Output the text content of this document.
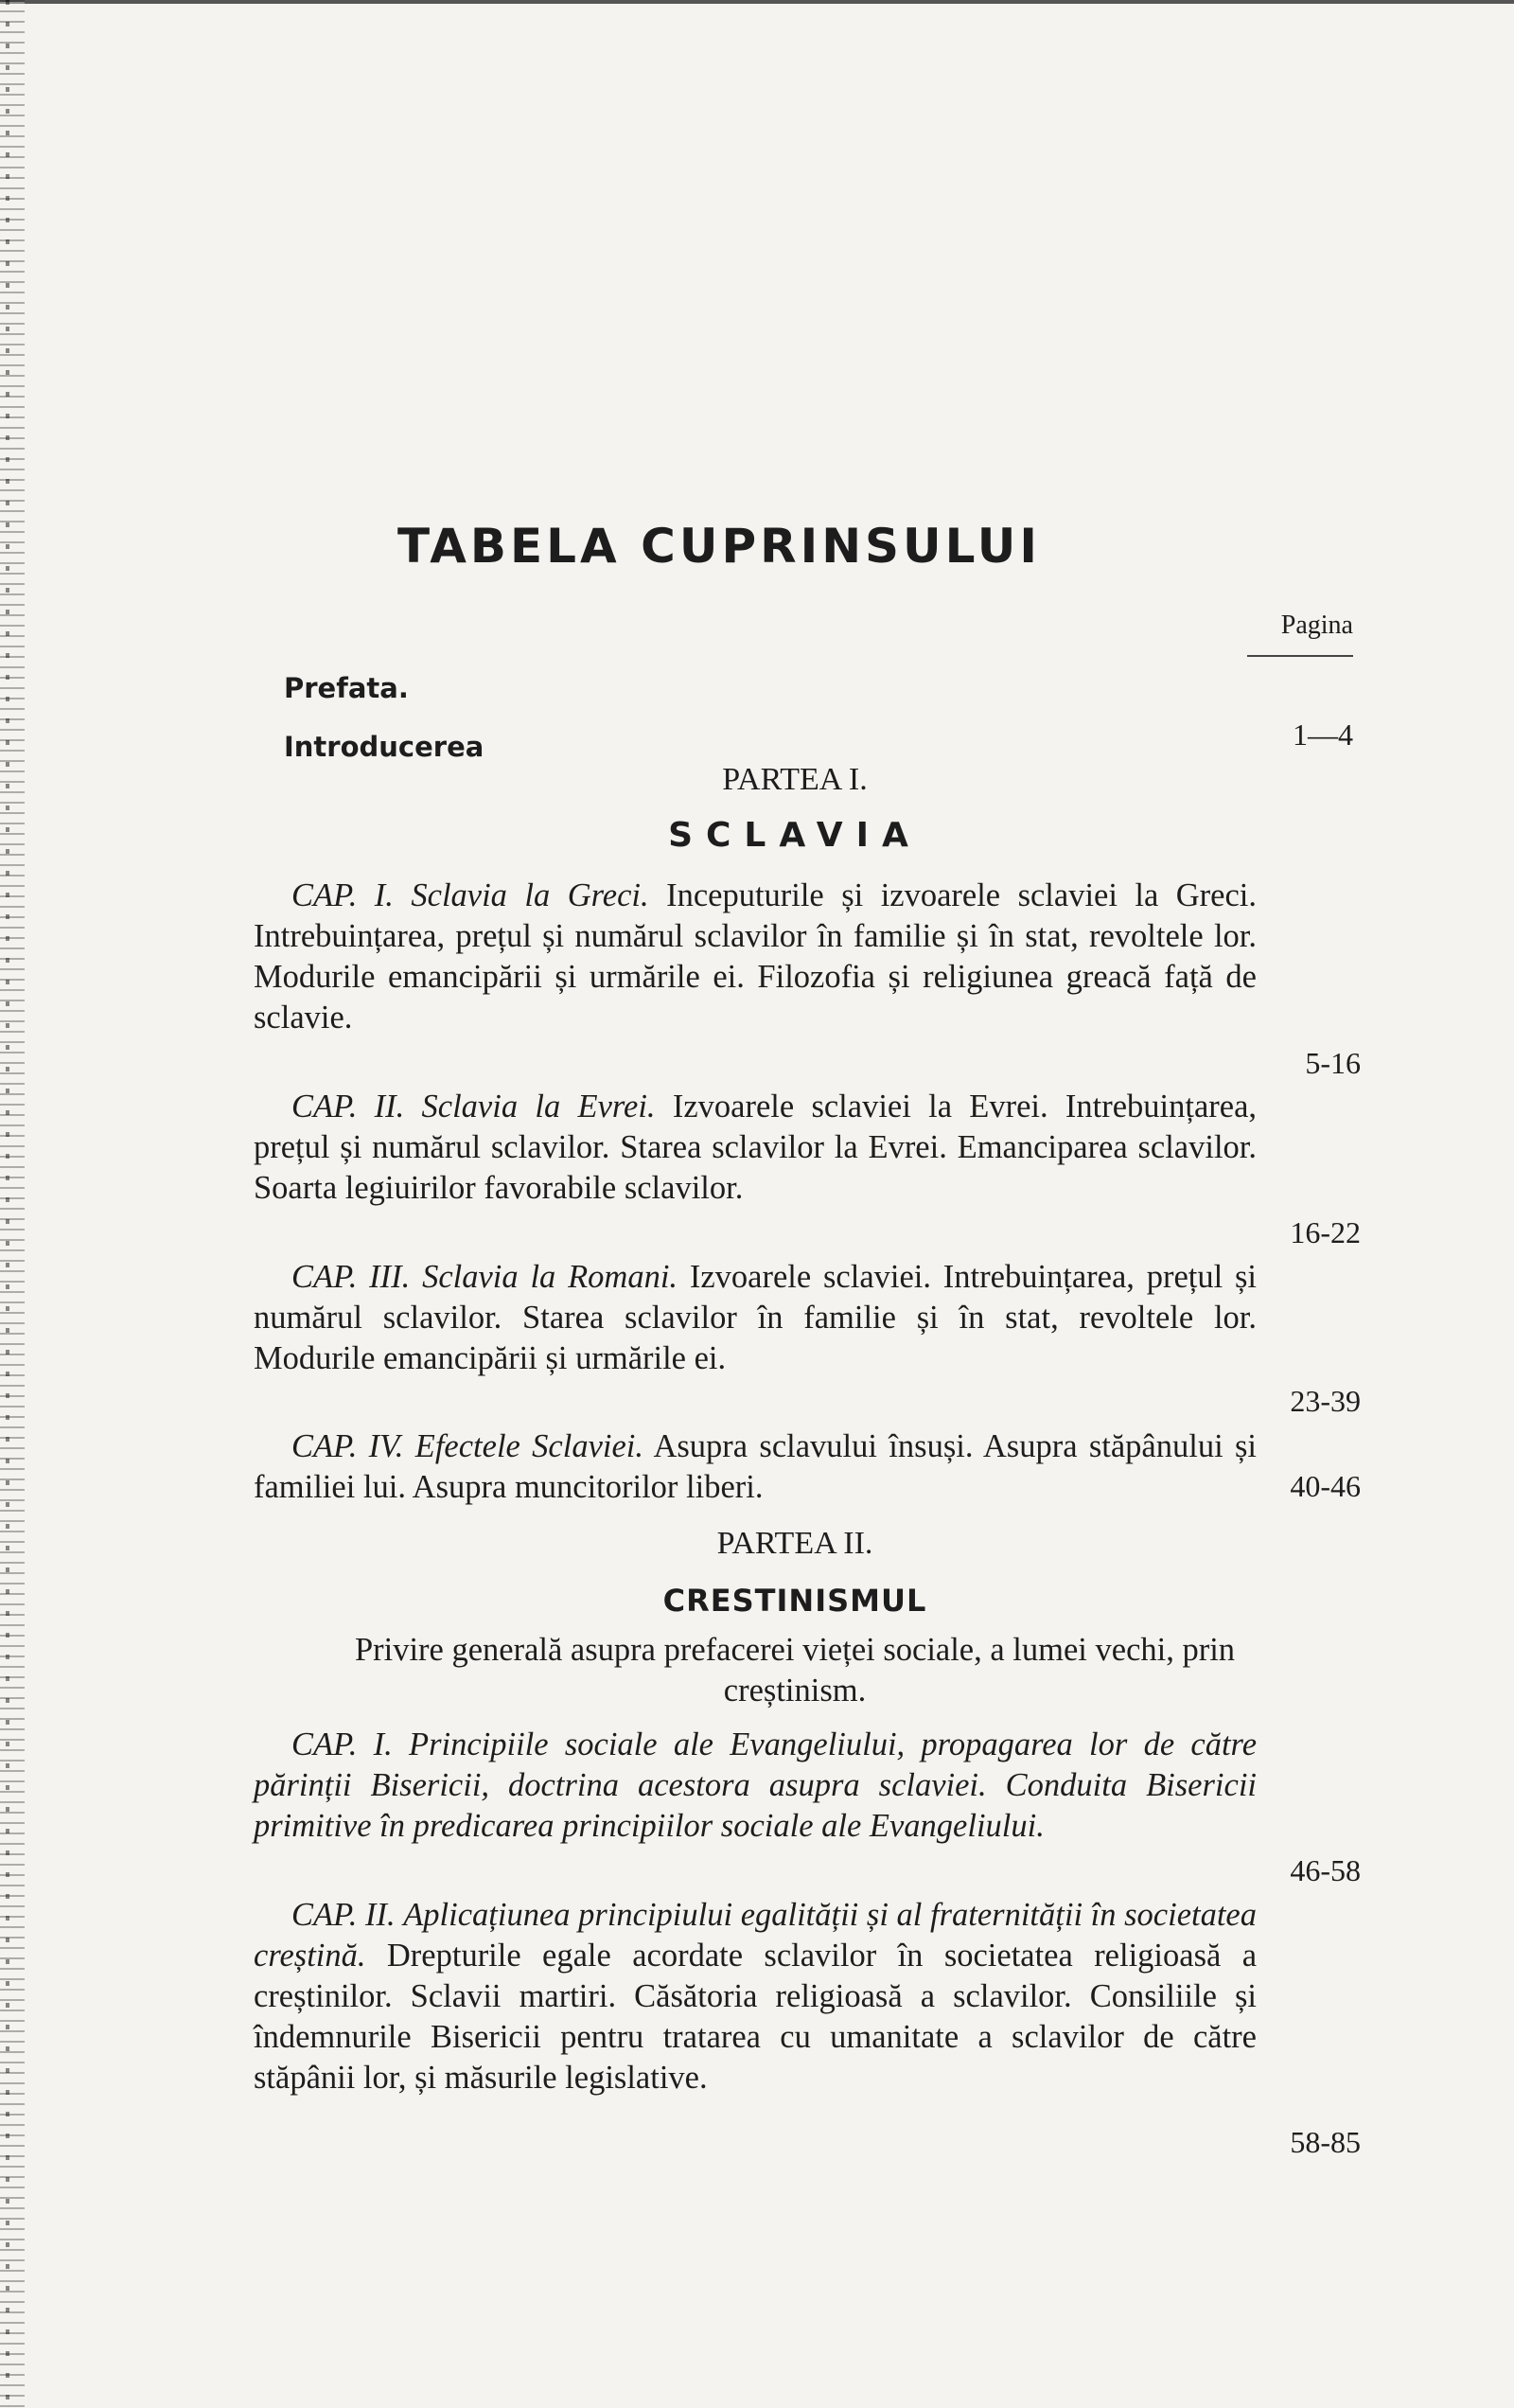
TABELA CUPRINSULUI
Pagina
Prefata.
Introducerea	1—4
PARTEA I.
SCLAVIA

CAP. I. Sclavia la Greci. Inceputurile și izvoarele sclaviei la Greci. Intrebuințarea, prețul și numărul sclavilor în familie și în stat, revoltele lor. Modurile emancipării și urmările ei. Filozofia și religiunea greacă față de sclavie.

5-16

CAP. II. Sclavia la Evrei. Izvoarele sclaviei la Evrei. Intrebuințarea, prețul și numărul sclavilor. Starea sclavilor la Evrei. Emanciparea sclavilor. Soarta legiuirilor favorabile sclavilor.

16-22

CAP. III. Sclavia la Romani. Izvoarele sclaviei. Intrebuințarea, prețul și numărul sclavilor. Starea sclavilor în familie și în stat, revoltele lor. Modurile emancipării și urmările ei.

23-39

CAP. IV. Efectele Sclaviei. Asupra sclavului însuși. Asupra stăpânului și familiei lui. Asupra muncitorilor liberi.	40-46
PARTEA II.
CRESTINISMUL
Privire generală asupra prefacerei vieței sociale, a lumei vechi, prin creștinism.

CAP. I. Principiile sociale ale Evangeliului, propagarea lor de către părinții Bisericii, doctrina acestora asupra sclaviei. Conduita Bisericii primitive în predicarea principiilor sociale ale Evangeliului.

46-58

CAP. II. Aplicațiunea principiului egalității și al fraternității în societatea creștină. Drepturile egale acordate sclavilor în societatea religioasă a creștinilor. Sclavii martiri. Căsătoria religioasă a sclavilor. Consiliile și îndemnurile Bisericii pentru tratarea cu umanitate a sclavilor de către stăpânii lor, și măsurile legislative.

58-85
